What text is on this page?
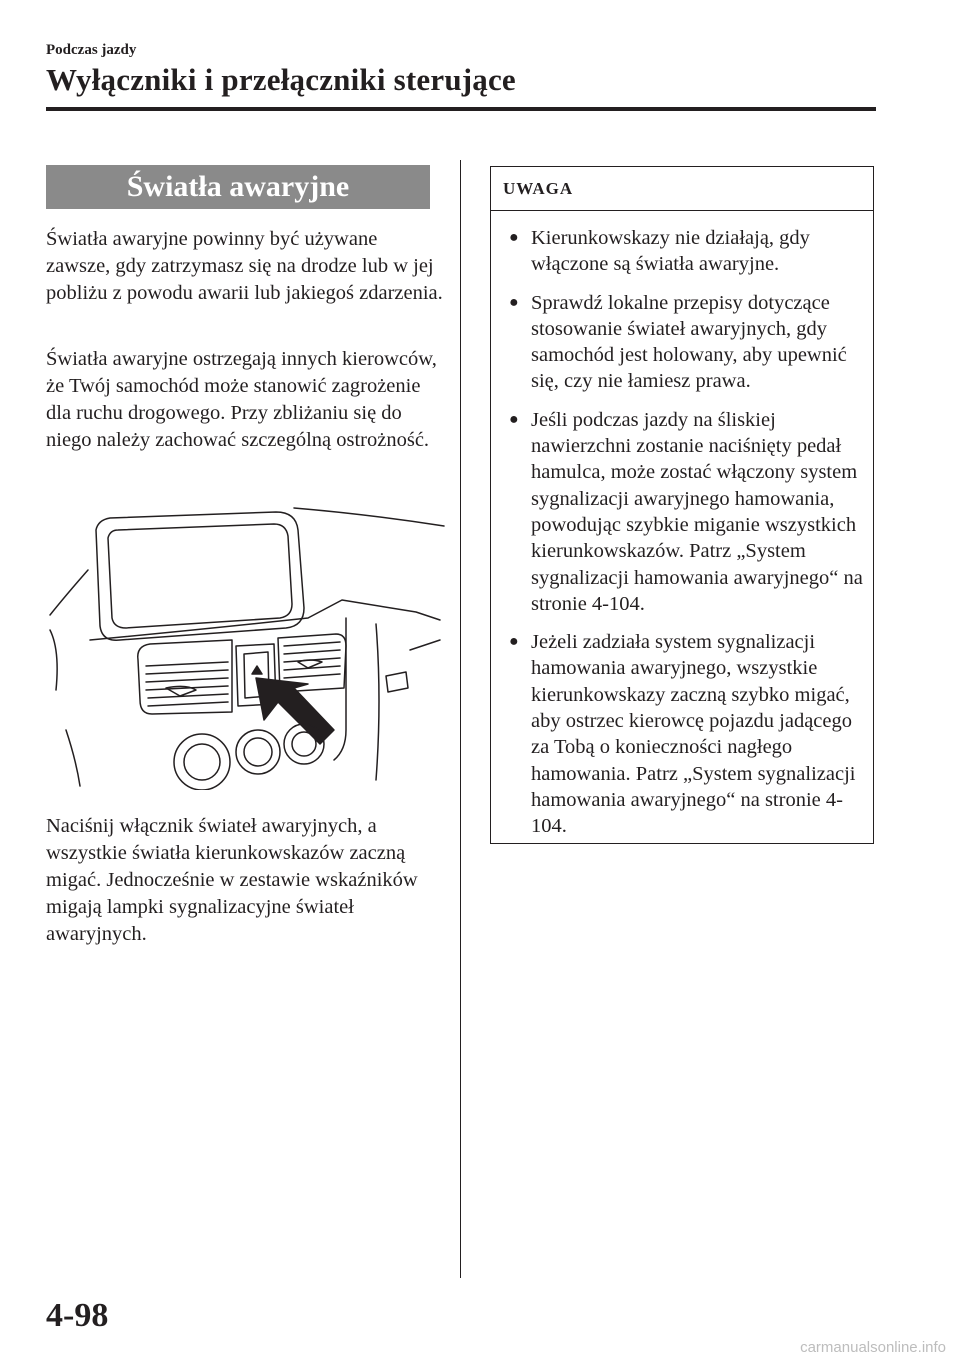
Podczas jazdy
Wyłączniki i przełączniki sterujące
Światła awaryjne

Światła awaryjne powinny być używane zawsze, gdy zatrzymasz się na drodze lub w jej pobliżu z powodu awarii lub jakiegoś zdarzenia.

Światła awaryjne ostrzegają innych kierowców, że Twój samochód może stanowić zagrożenie dla ruchu drogowego. Przy zbliżaniu się do niego należy zachować szczególną ostrożność.

Naciśnij włącznik świateł awaryjnych, a wszystkie światła kierunkowskazów zaczną migać. Jednocześnie w zestawie wskaźników migają lampki sygnalizacyjne świateł awaryjnych.

UWAGA
● Kierunkowskazy nie działają, gdy włączone są światła awaryjne.
● Sprawdź lokalne przepisy dotyczące stosowanie świateł awaryjnych, gdy samochód jest holowany, aby upewnić się, czy nie łamiesz prawa.
● Jeśli podczas jazdy na śliskiej nawierzchni zostanie naciśnięty pedał hamulca, może zostać włączony system sygnalizacji awaryjnego hamowania, powodując szybkie miganie wszystkich kierunkowskazów. Patrz „System sygnalizacji hamowania awaryjnego“ na stronie 4-104.
● Jeżeli zadziała system sygnalizacji hamowania awaryjnego, wszystkie kierunkowskazy zaczną szybko migać, aby ostrzec kierowcę pojazdu jadącego za Tobą o konieczności nagłego hamowania. Patrz „System sygnalizacji hamowania awaryjnego“ na stronie 4-104.
4-98
carmanualsonline.info
